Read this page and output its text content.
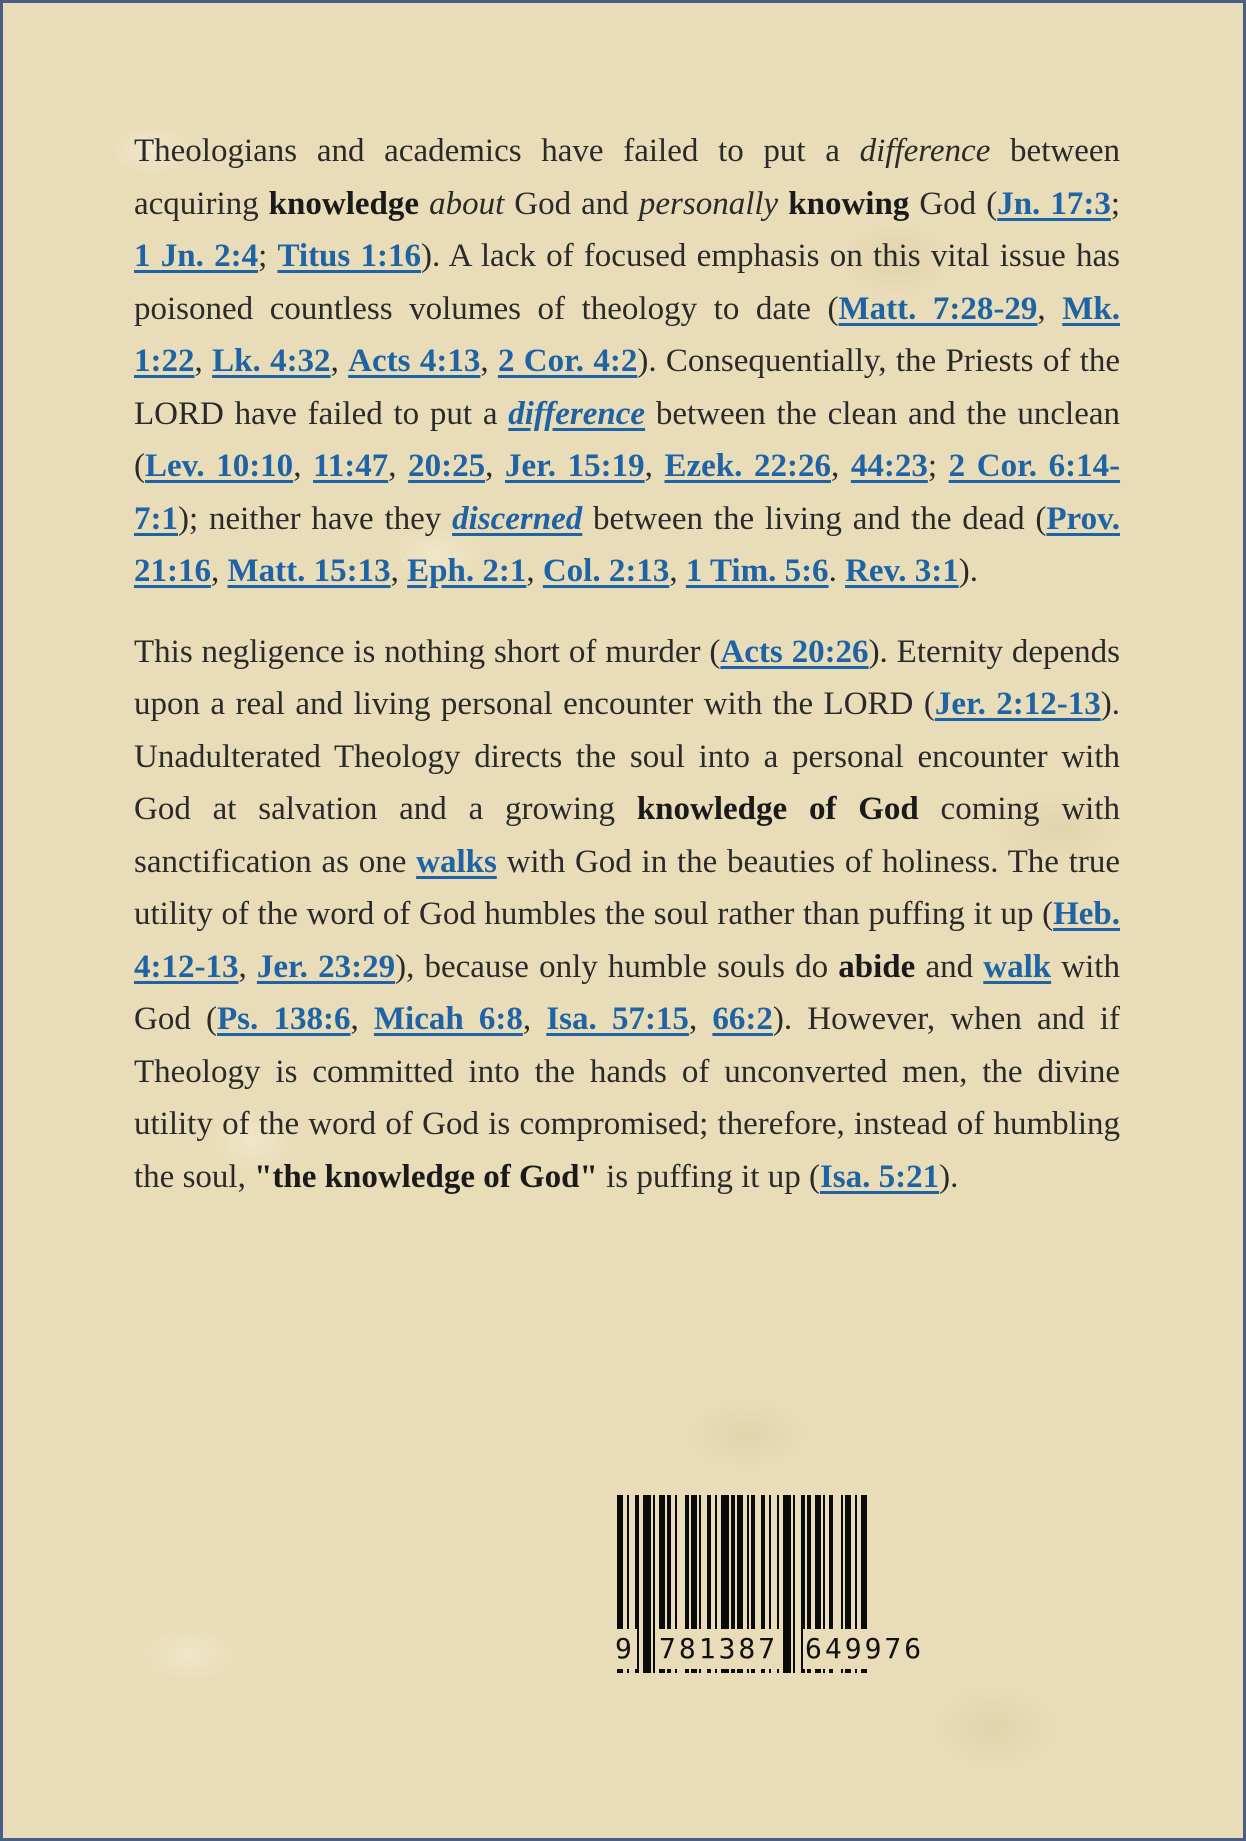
Theologians and academics have failed to put a difference between acquiring knowledge about God and personally knowing God (Jn. 17:3; 1 Jn. 2:4; Titus 1:16). A lack of focused emphasis on this vital issue has poisoned countless volumes of theology to date (Matt. 7:28-29, Mk. 1:22, Lk. 4:32, Acts 4:13, 2 Cor. 4:2). Consequentially, the Priests of the LORD have failed to put a difference between the clean and the unclean (Lev. 10:10, 11:47, 20:25, Jer. 15:19, Ezek. 22:26, 44:23; 2 Cor. 6:14-7:1); neither have they discerned between the living and the dead (Prov. 21:16, Matt. 15:13, Eph. 2:1, Col. 2:13, 1 Tim. 5:6. Rev. 3:1).

This negligence is nothing short of murder (Acts 20:26). Eternity depends upon a real and living personal encounter with the LORD (Jer. 2:12-13). Unadulterated Theology directs the soul into a personal encounter with God at salvation and a growing knowledge of God coming with sanctification as one walks with God in the beauties of holiness. The true utility of the word of God humbles the soul rather than puffing it up (Heb. 4:12-13, Jer. 23:29), because only humble souls do abide and walk with God (Ps. 138:6, Micah 6:8, Isa. 57:15, 66:2). However, when and if Theology is committed into the hands of unconverted men, the divine utility of the word of God is compromised; therefore, instead of humbling the soul, "the knowledge of God" is puffing it up (Isa. 5:21).

9 781387 649976
